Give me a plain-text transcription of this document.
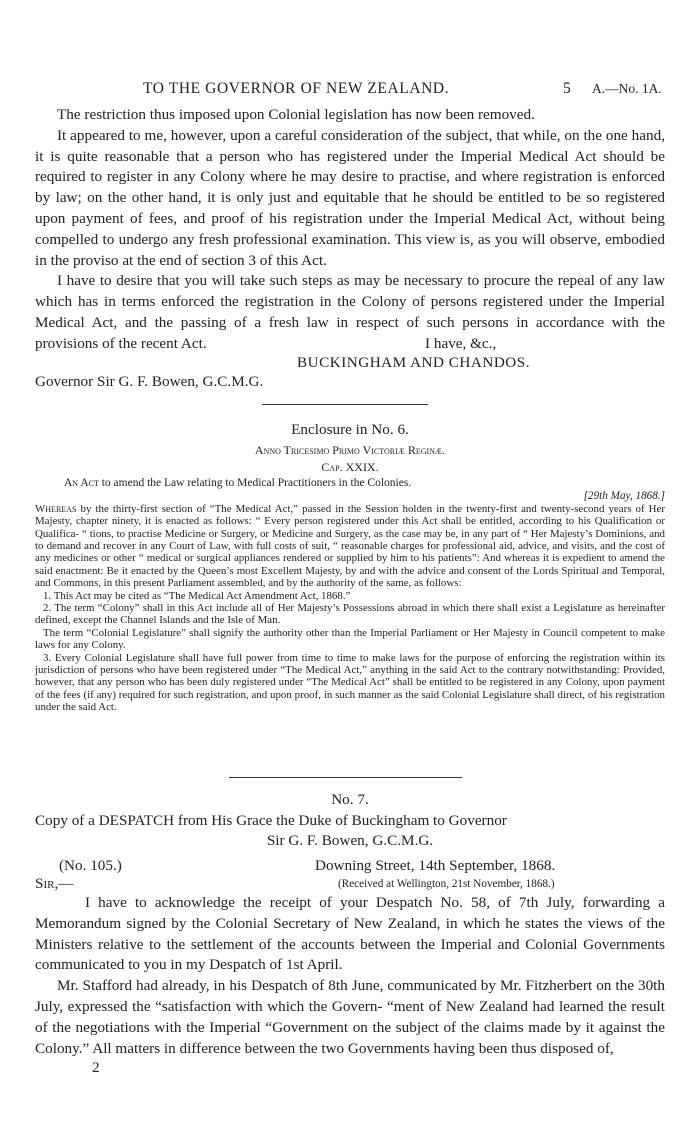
TO THE GOVERNOR OF NEW ZEALAND.	5 A.—No. 1A.

The restriction thus imposed upon Colonial legislation has now been removed.

It appeared to me, however, upon a careful consideration of the subject, that while, on the one hand, it is quite reasonable that a person who has registered under the Imperial Medical Act should be required to register in any Colony where he may desire to practise, and where registration is enforced by law; on the other hand, it is only just and equitable that he should be entitled to be so registered upon payment of fees, and proof of his registration under the Imperial Medical Act, without being compelled to undergo any fresh professional examination. This view is, as you will observe, embodied in the proviso at the end of section 3 of this Act.

I have to desire that you will take such steps as may be necessary to procure the repeal of any law which has in terms enforced the registration in the Colony of persons registered under the Imperial Medical Act, and the passing of a fresh law in respect of such persons in accordance with the provisions of the recent Act.	I have, &c.,
BUCKINGHAM AND CHANDOS.
Governor Sir G. F. Bowen, G.C.M.G.
Enclosure in No. 6.
Anno Tricesimo Primo Victoriæ Reginæ.
Cap. XXIX.
An Act to amend the Law relating to Medical Practitioners in the Colonies.
[29th May, 1868.]

Whereas by the thirty-first section of “The Medical Act,” passed in the Session holden in the twenty-first and twenty-second years of Her Majesty, chapter ninety, it is enacted as follows: “ Every person registered under this Act shall be entitled, according to his Qualification or Qualifica- “ tions, to practise Medicine or Surgery, or Medicine and Surgery, as the case may be, in any part of “ Her Majesty’s Dominions, and to demand and recover in any Court of Law, with full costs of suit, “ reasonable charges for professional aid, advice, and visits, and the cost of any medicines or other “ medical or surgical appliances rendered or supplied by him to his patients”: And whereas it is expedient to amend the said enactment: Be it enacted by the Queen’s most Excellent Majesty, by and with the advice and consent of the Lords Spiritual and Temporal, and Commons, in this present Parliament assembled, and by the authority of the same, as follows:

1. This Act may be cited as “The Medical Act Amendment Act, 1868.”

2. The term “Colony” shall in this Act include all of Her Majesty’s Possessions abroad in which there shall exist a Legislature as hereinafter defined, except the Channel Islands and the Isle of Man.

The term “Colonial Legislature” shall signify the authority other than the Imperial Parliament or Her Majesty in Council competent to make laws for any Colony.

3. Every Colonial Legislature shall have full power from time to time to make laws for the purpose of enforcing the registration within its jurisdiction of persons who have been registered under “The Medical Act,” anything in the said Act to the contrary notwithstanding: Provided, however, that any person who has been duly registered under “The Medical Act” shall be entitled to be registered in any Colony, upon payment of the fees (if any) required for such registration, and upon proof, in such manner as the said Colonial Legislature shall direct, of his registration under the said Act.

No. 7.
Copy of a DESPATCH from His Grace the Duke of Buckingham to Governor
Sir G. F. Bowen, G.C.M.G.
(No. 105.)	Downing Street, 14th September, 1868.
Sir,—	(Received at Wellington, 21st November, 1868.)

I have to acknowledge the receipt of your Despatch No. 58, of 7th July, forwarding a Memorandum signed by the Colonial Secretary of New Zealand, in which he states the views of the Ministers relative to the settlement of the accounts between the Imperial and Colonial Governments communicated to you in my Despatch of 1st April.

Mr. Stafford had already, in his Despatch of 8th June, communicated by Mr. Fitzherbert on the 30th July, expressed the “satisfaction with which the Govern- “ment of New Zealand had learned the result of the negotiations with the Imperial “Government on the subject of the claims made by it against the Colony.” All matters in difference between the two Governments having been thus disposed of,

2
